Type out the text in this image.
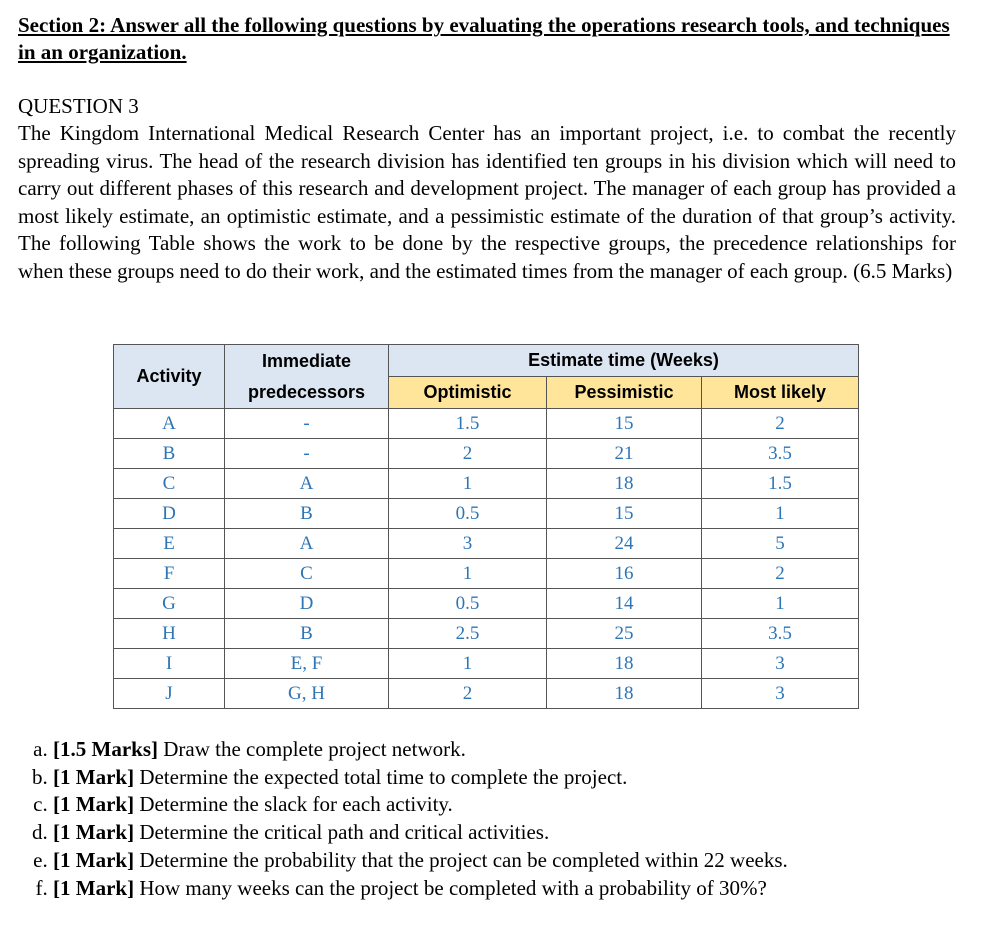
Section 2: Answer all the following questions by evaluating the operations research tools, and techniques in an organization.
QUESTION 3

The Kingdom International Medical Research Center has an important project, i.e. to combat the recently spreading virus. The head of the research division has identified ten groups in his division which will need to carry out different phases of this research and development project. The manager of each group has provided a most likely estimate, an optimistic estimate, and a pessimistic estimate of the duration of that group’s activity. The following Table shows the work to be done by the respective groups, the precedence relationships for when these groups need to do their work, and the estimated times from the manager of each group. (6.5 Marks)

Activity	Immediate predecessors	Estimate time (Weeks)		
		Optimistic	Pessimistic	Most likely
A	-	1.5	15	2
B	-	2	21	3.5
C	A	1	18	1.5
D	B	0.5	15	1
E	A	3	24	5
F	C	1	16	2
G	D	0.5	14	1
H	B	2.5	25	3.5
I	E, F	1	18	3
J	G, H	2	18	3
a. [1.5 Marks] Draw the complete project network.
b. [1 Mark] Determine the expected total time to complete the project.
c. [1 Mark] Determine the slack for each activity.
d. [1 Mark] Determine the critical path and critical activities.
e. [1 Mark] Determine the probability that the project can be completed within 22 weeks.
f. [1 Mark] How many weeks can the project be completed with a probability of 30%?
